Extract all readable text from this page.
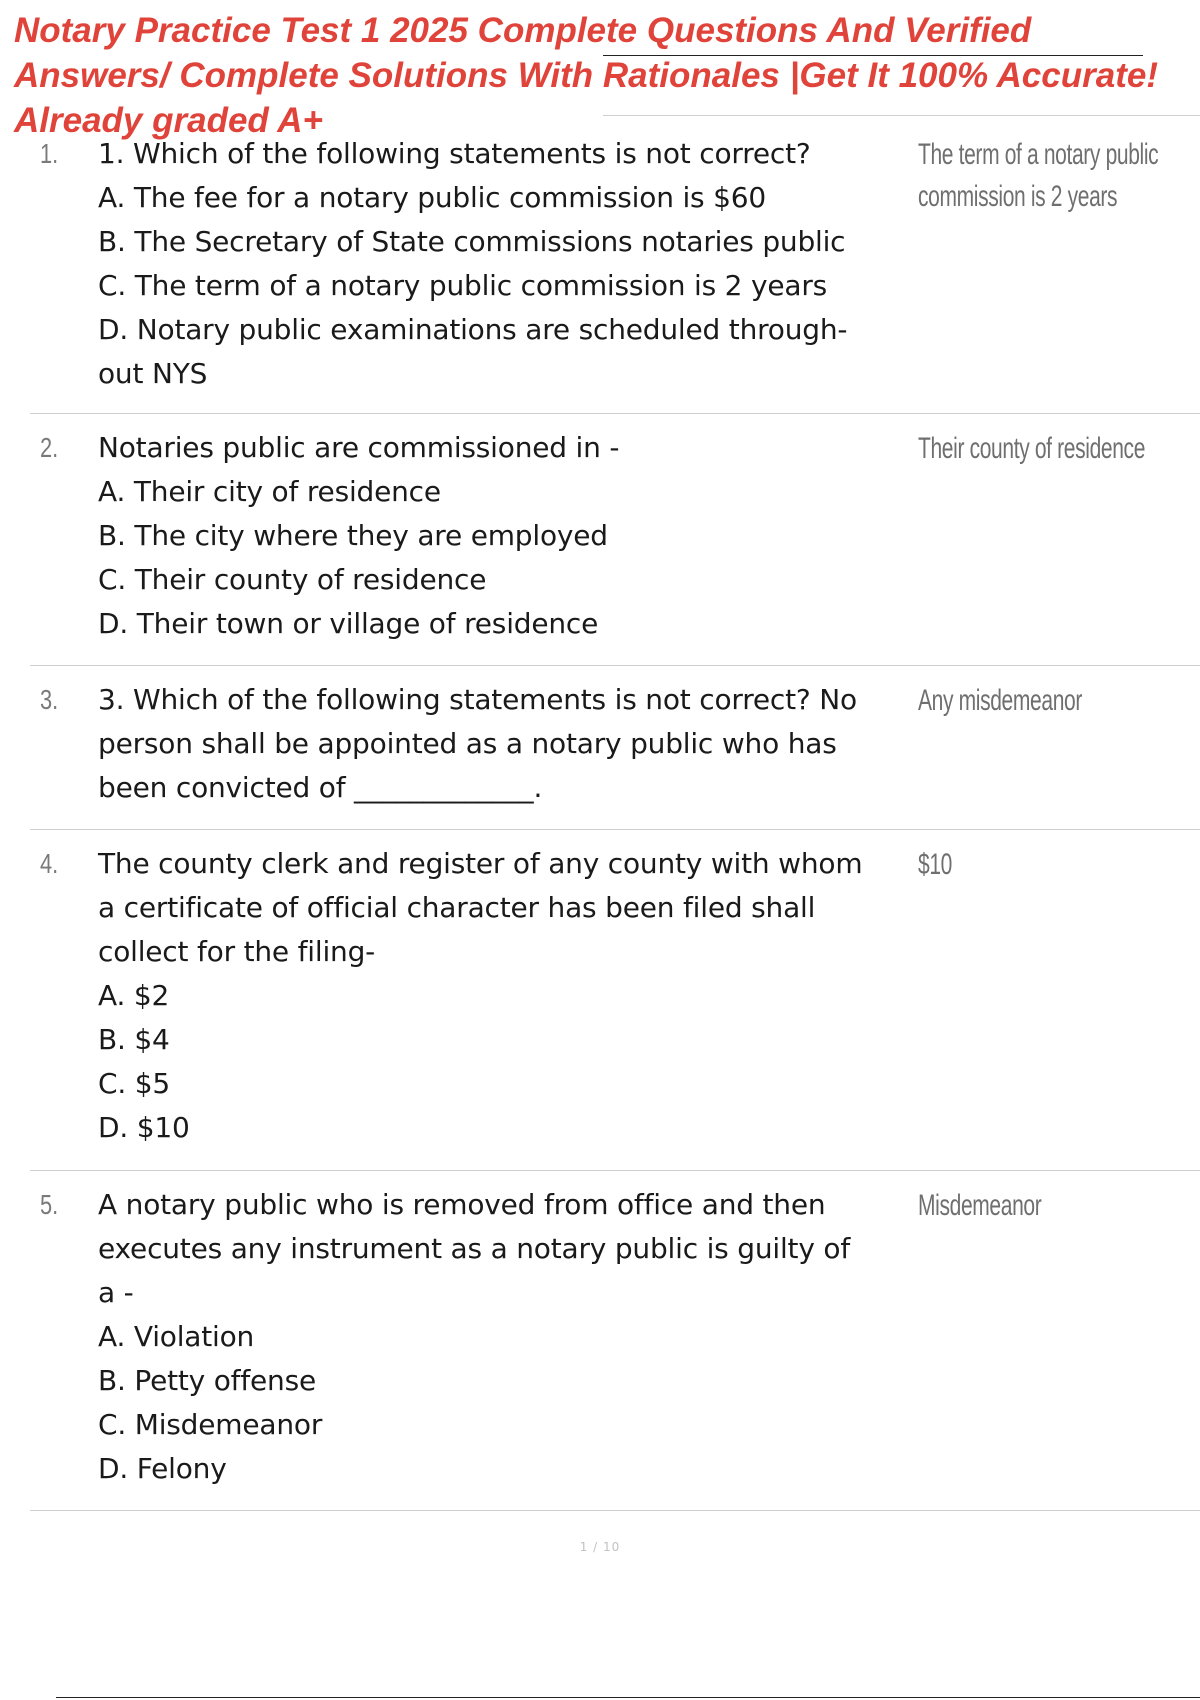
Notary Practice Test 1 2025 Complete Questions And Verified
Answers/ Complete Solutions With Rationales |Get It 100% Accurate!
Already graded A+
1. 1. Which of the following statements is not correct?
A. The fee for a notary public commission is $60
B. The Secretary of State commissions notaries public
C. The term of a notary public commission is 2 years
D. Notary public examinations are scheduled through-
out NYS
The term of a notary public
commission is 2 years
2. Notaries public are commissioned in -
A. Their city of residence
B. The city where they are employed
C. Their county of residence
D. Their town or village of residence
Their county of residence
3. 3. Which of the following statements is not correct? No
person shall be appointed as a notary public who has
been convicted of _____________.
Any misdemeanor
4. The county clerk and register of any county with whom
a certificate of official character has been filed shall
collect for the filing-
A. $2
B. $4
C. $5
D. $10
$10
5. A notary public who is removed from office and then
executes any instrument as a notary public is guilty of
a -
A. Violation
B. Petty offense
C. Misdemeanor
D. Felony
Misdemeanor
1 / 10
